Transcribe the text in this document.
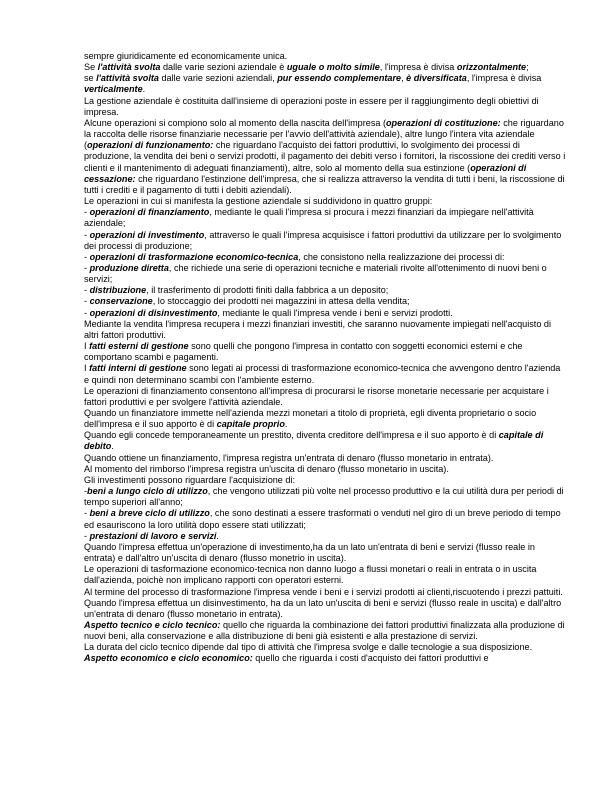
sempre giuridicamente ed economicamente unica.

Se l'attività svolta dalle varie sezioni aziendale è uguale o molto simile, l'impresa è divisa orizzontalmente;

se l'attività svolta dalle varie sezioni aziendali, pur essendo complementare, è diversificata, l'impresa è divisa verticalmente.

La gestione aziendale è costituita dall'insieme di operazioni poste in essere per il raggiungimento degli obiettivi di impresa.

Alcune operazioni si compiono solo al momento della nascita dell'impresa (operazioni di costituzione: che riguardano la raccolta delle risorse finanziarie necessarie per l'avvio dell'attività aziendale), altre lungo l'intera vita aziendale (operazioni di funzionamento: che riguardano l'acquisto dei fattori produttivi, lo svolgimento dei processi di produzione, la vendita dei beni o servizi prodotti, il pagamento dei debiti verso i fornitori, la riscossione dei crediti verso i clienti e il mantenimento di adeguati finanziamenti), altre, solo al momento della sua estinzione (operazioni di cessazione: che riguardano l'estinzione dell'impresa, che si realizza attraverso la vendita di tutti i beni, la riscossione di tutti i crediti e il pagamento di tutti i debiti aziendali).

Le operazioni in cui si manifesta la gestione aziendale si suddividono in quattro gruppi:

- operazioni di finanziamento, mediante le quali l'impresa si procura i mezzi finanziari da impiegare nell'attività aziendale;

- operazioni di investimento, attraverso le quali l'impresa acquisisce i fattori produttivi da utilizzare per lo svolgimento dei processi di produzione;

- operazioni di trasformazione economico-tecnica, che consistono nella realizzazione dei processi di:

- produzione diretta, che richiede una serie di operazioni tecniche e materiali rivolte all'ottenimento di nuovi beni o servizi;

- distribuzione, il trasferimento di prodotti finiti dalla fabbrica a un deposito;

- conservazione, lo stoccaggio dei prodotti nei magazzini in attesa della vendita;

- operazioni di disinvestimento, mediante le quali l'impresa vende i beni e servizi prodotti.

Mediante la vendita l'impresa recupera i mezzi finanziari investiti, che saranno nuovamente impiegati nell'acquisto di altri fattori produttivi.

I fatti esterni di gestione sono quelli che pongono l'impresa in contatto con soggetti economici esterni e che comportano scambi e pagamenti.

I fatti interni di gestione sono legati ai processi di trasformazione economico-tecnica che avvengono dentro l'azienda e quindi non determinano scambi con l'ambiente esterno.

Le operazioni di finanziamento consentono all'impresa di procurarsi le risorse monetarie necessarie per acquistare i fattori produttivi e per svolgere l'attività aziendale.

Quando un finanziatore immette nell'azienda mezzi monetari a titolo di proprietà, egli diventa proprietario o socio dell'impresa e il suo apporto è di capitale proprio.

Quando egli concede temporaneamente un prestito, diventa creditore dell'impresa e il suo apporto è di capitale di debito.

Quando ottiene un finanziamento, l'impresa registra un'entrata di denaro (flusso monetario in entrata).

Al momento del rimborso l'impresa registra un'uscita di denaro (flusso monetario in uscita).

Gli investimenti possono riguardare l'acquisizione di:

-beni a lungo ciclo di utilizzo, che vengono utilizzati più volte nel processo produttivo e la cui utilità dura per periodi di tempo superiori all'anno;

- beni a breve ciclo di utilizzo, che sono destinati a essere trasformati o venduti nel giro di un breve periodo di tempo ed esauriscono la loro utilità dopo essere stati utilizzati;

- prestazioni di lavoro e servizi.

Quando l'impresa effettua un'operazione di investimento,ha da un lato un'entrata di beni e servizi (flusso reale in entrata) e dall'altro un'uscita di denaro (flusso monetrio in uscita).

Le operazioni di tasformazione economico-tecnica non danno luogo a flussi monetari o reali in entrata o in uscita dall'azienda, poichè non implicano rapporti con operatori esterni.

Al termine del processo di trasformazione l'impresa vende i beni e i servizi prodotti ai clienti,riscuotendo i prezzi pattuiti.

Quando l'impresa effettua un disinvestimento, ha da un lato un'uscita di beni e servizi (flusso reale in uscita) e dall'altro un'entrata di denaro (flusso monetario in entrata).

Aspetto tecnico e ciclo tecnico: quello che riguarda la combinazione dei fattori produttivi finalizzata alla produzione di nuovi beni, alla conservazione e alla distribuzione di beni già esistenti e alla prestazione di servizi.

La durata del ciclo tecnico dipende dal tipo di attività che l'impresa svolge e dalle tecnologie a sua disposizione.

Aspetto economico e ciclo economico: quello che riguarda i costi d'acquisto dei fattori produttivi e
